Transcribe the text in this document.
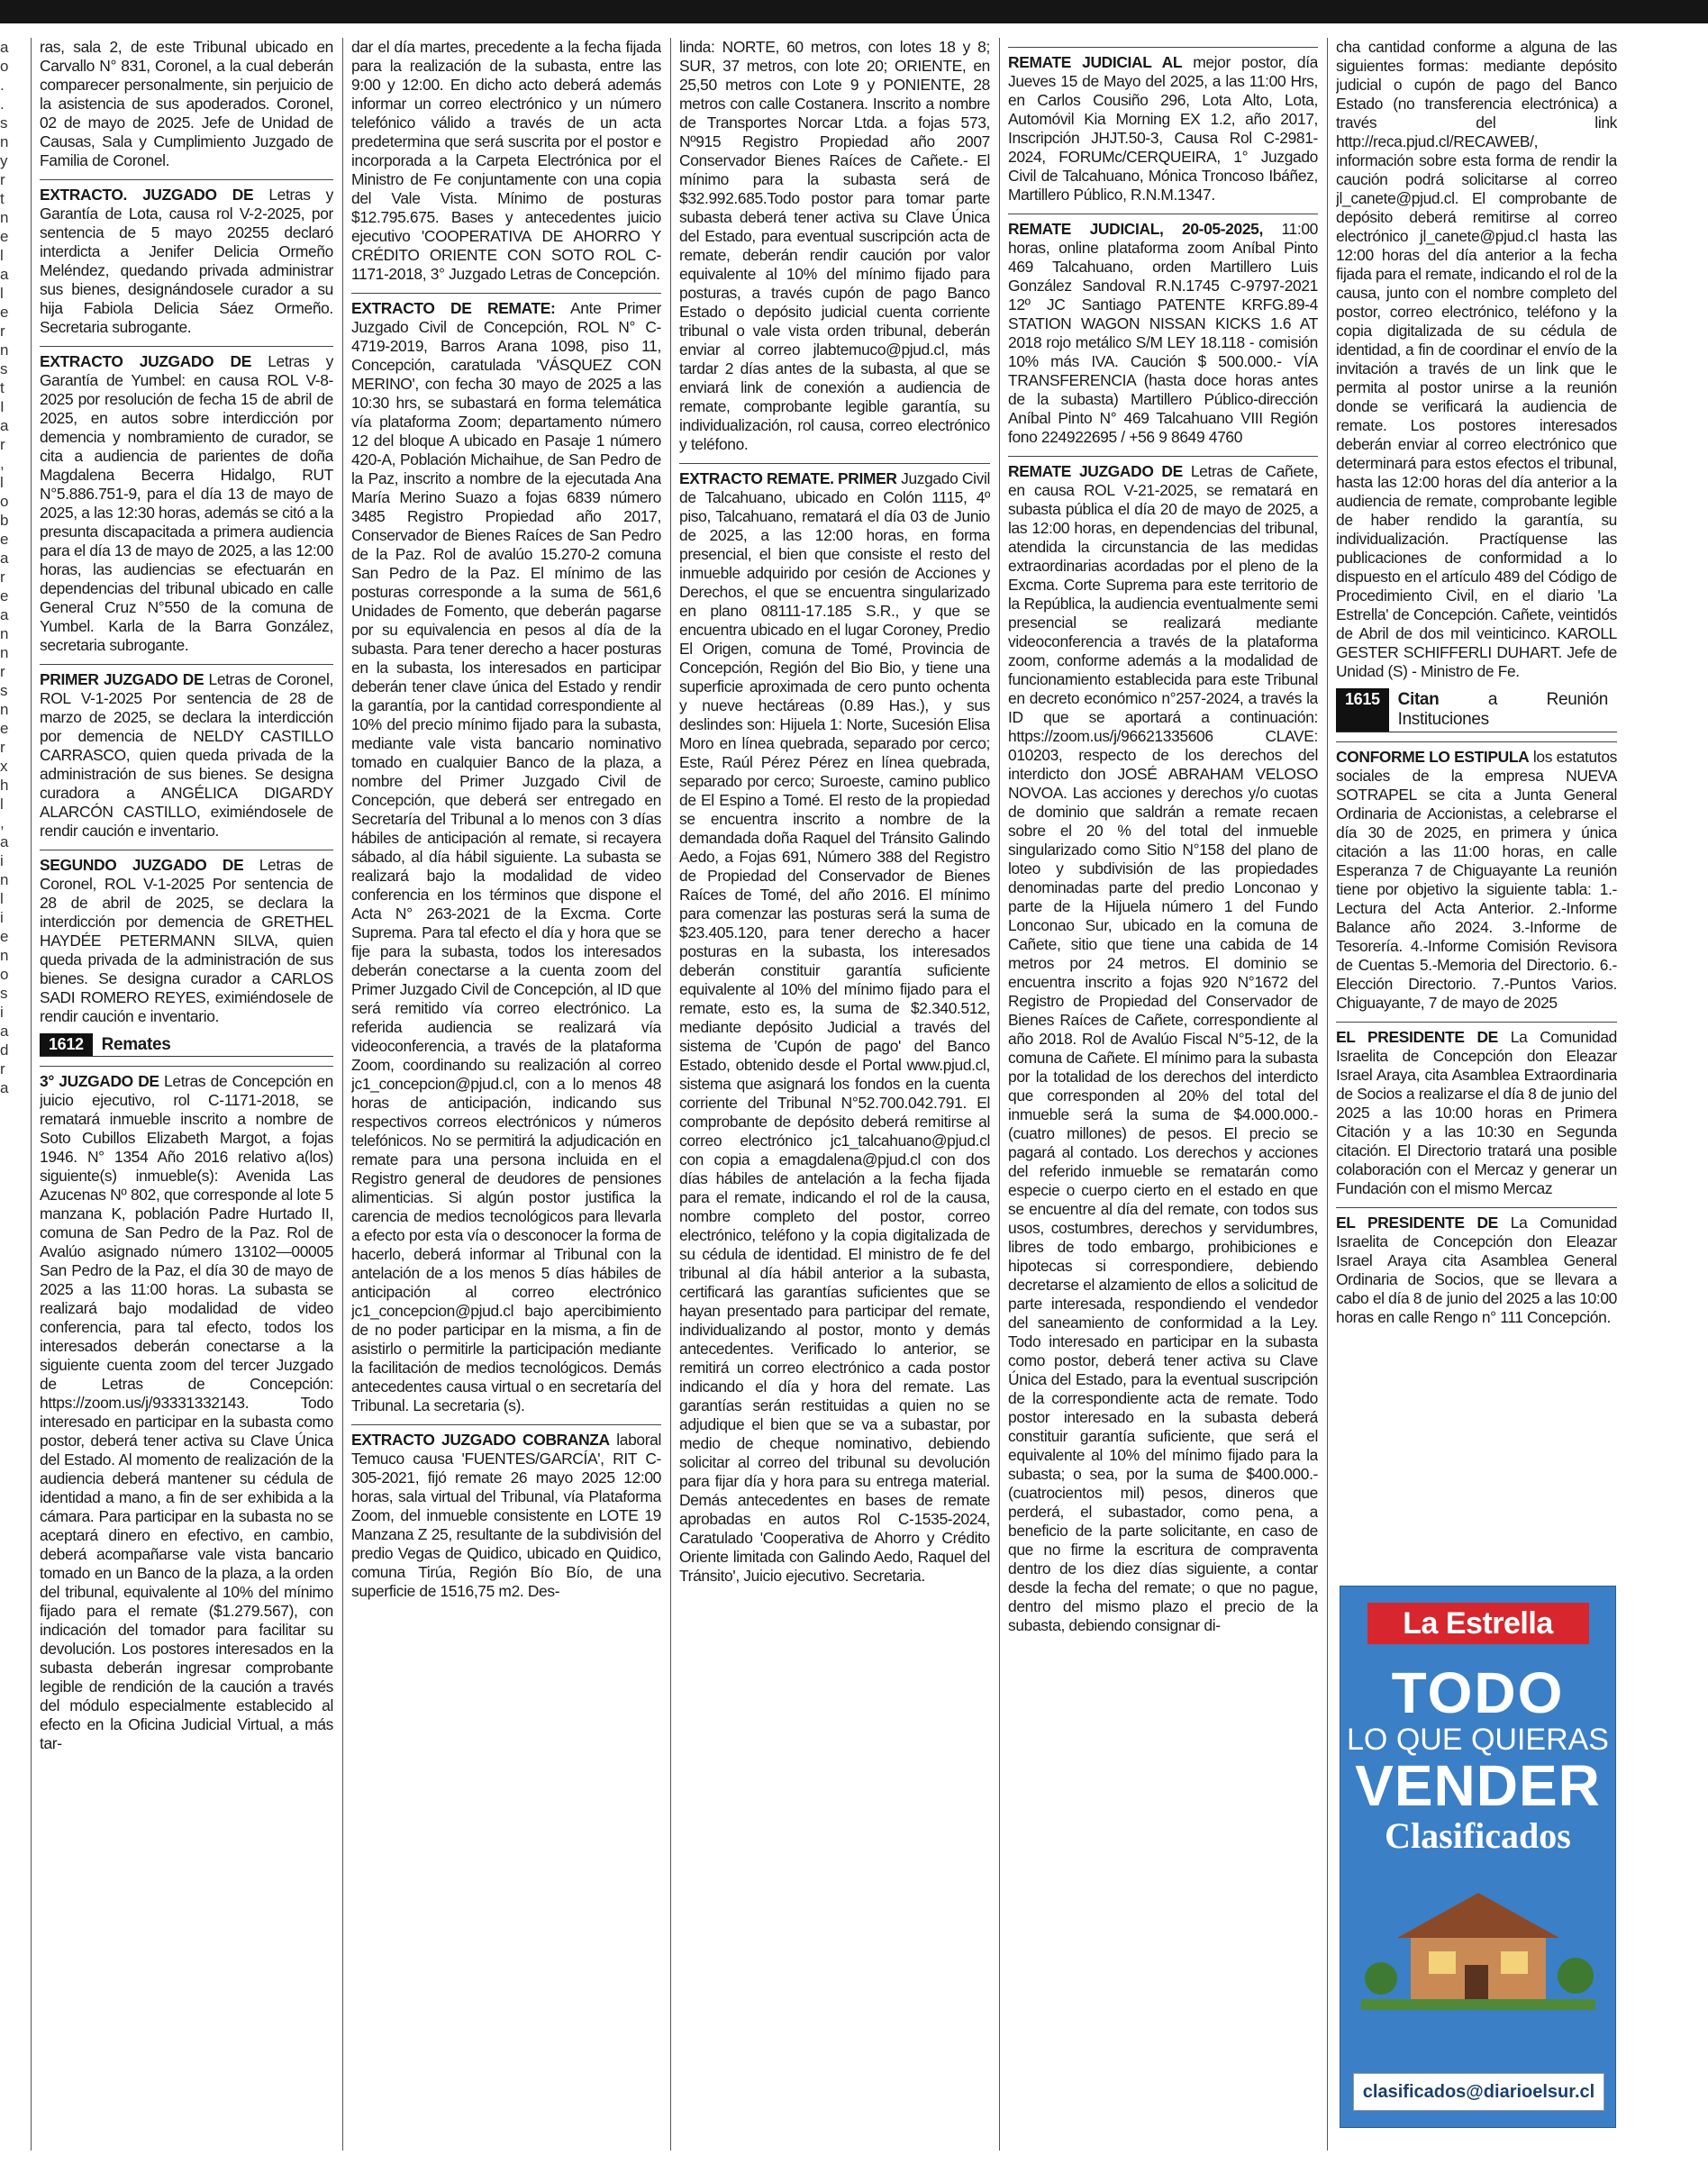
a
o
.
.
s
n
y
r
t
n
e
l
a
l
e
r
n
s
t
I
a
r
,
l
o
b
e
a
r
e
a
n
n
r
s
n
e
r
x
h
l
,
a
i
n
l
i
e
n
o
s
i
a
d
r
a

ras, sala 2, de este Tribunal ubicado en Carvallo N° 831, Coronel, a la cual deberán comparecer personalmente, sin perjuicio de la asistencia de sus apoderados. Coronel, 02 de mayo de 2025. Jefe de Unidad de Causas, Sala y Cumplimiento Juzgado de Familia de Coronel.

EXTRACTO. JUZGADO DE Letras y Garantía de Lota, causa rol V-2-2025, por sentencia de 5 mayo 20255 declaró interdicta a Jenifer Delicia Ormeño Meléndez, quedando privada administrar sus bienes, designándosele curador a su hija Fabiola Delicia Sáez Ormeño. Secretaria subrogante.

EXTRACTO JUZGADO DE Letras y Garantía de Yumbel: en causa ROL V-8-2025 por resolución de fecha 15 de abril de 2025, en autos sobre interdicción por demencia y nombramiento de curador, se cita a audiencia de parientes de doña Magdalena Becerra Hidalgo, RUT N°5.886.751-9, para el día 13 de mayo de 2025, a las 12:30 horas, además se citó a la presunta discapacitada a primera audiencia para el día 13 de mayo de 2025, a las 12:00 horas, las audiencias se efectuarán en dependencias del tribunal ubicado en calle General Cruz N°550 de la comuna de Yumbel. Karla de la Barra González, secretaria subrogante.

PRIMER JUZGADO DE Letras de Coronel, ROL V-1-2025 Por sentencia de 28 de marzo de 2025, se declara la interdicción por demencia de NELDY CASTILLO CARRASCO, quien queda privada de la administración de sus bienes. Se designa curadora a ANGÉLICA DIGARDY ALARCÓN CASTILLO, eximiéndosele de rendir caución e inventario.

SEGUNDO JUZGADO DE Letras de Coronel, ROL V-1-2025 Por sentencia de 28 de abril de 2025, se declara la interdicción por demencia de GRETHEL HAYDÉE PETERMANN SILVA, quien queda privada de la administración de sus bienes. Se designa curador a CARLOS SADI ROMERO REYES, eximiéndosele de rendir caución e inventario.

1612	Remates

3° JUZGADO DE Letras de Concepción en juicio ejecutivo, rol C-1171-2018, se rematará inmueble inscrito a nombre de Soto Cubillos Elizabeth Margot, a fojas 1946. N° 1354 Año 2016 relativo a(los) siguiente(s) inmueble(s): Avenida Las Azucenas Nº 802, que corresponde al lote 5 manzana K, población Padre Hurtado II, comuna de San Pedro de la Paz. Rol de Avalúo asignado número 13102—00005 San Pedro de la Paz, el día 30 de mayo de 2025 a las 11:00 horas. La subasta se realizará bajo modalidad de video conferencia, para tal efecto, todos los interesados deberán conectarse a la siguiente cuenta zoom del tercer Juzgado de Letras de Concepción: https://zoom.us/j/93331332143. Todo interesado en participar en la subasta como postor, deberá tener activa su Clave Única del Estado. Al momento de realización de la audiencia deberá mantener su cédula de identidad a mano, a fin de ser exhibida a la cámara. Para participar en la subasta no se aceptará dinero en efectivo, en cambio, deberá acompañarse vale vista bancario tomado en un Banco de la plaza, a la orden del tribunal, equivalente al 10% del mínimo fijado para el remate ($1.279.567), con indicación del tomador para facilitar su devolución. Los postores interesados en la subasta deberán ingresar comprobante legible de rendición de la caución a través del módulo especialmente establecido al efecto en la Oficina Judicial Virtual, a más tar-

dar el día martes, precedente a la fecha fijada para la realización de la subasta, entre las 9:00 y 12:00. En dicho acto deberá además informar un correo electrónico y un número telefónico válido a través de un acta predetermina que será suscrita por el postor e incorporada a la Carpeta Electrónica por el Ministro de Fe conjuntamente con una copia del Vale Vista. Mínimo de posturas $12.795.675. Bases y antecedentes juicio ejecutivo 'COOPERATIVA DE AHORRO Y CRÉDITO ORIENTE CON SOTO ROL C-1171-2018, 3° Juzgado Letras de Concepción.

EXTRACTO DE REMATE: Ante Primer Juzgado Civil de Concepción, ROL N° C-4719-2019, Barros Arana 1098, piso 11, Concepción, caratulada 'VÁSQUEZ CON MERINO', con fecha 30 mayo de 2025 a las 10:30 hrs, se subastará en forma telemática vía plataforma Zoom; departamento número 12 del bloque A ubicado en Pasaje 1 número 420-A, Población Michaihue, de San Pedro de la Paz, inscrito a nombre de la ejecutada Ana María Merino Suazo a fojas 6839 número 3485 Registro Propiedad año 2017, Conservador de Bienes Raíces de San Pedro de la Paz. Rol de avalúo 15.270-2 comuna San Pedro de la Paz. El mínimo de las posturas corresponde a la suma de 561,6 Unidades de Fomento, que deberán pagarse por su equivalencia en pesos al día de la subasta. Para tener derecho a hacer posturas en la subasta, los interesados en participar deberán tener clave única del Estado y rendir la garantía, por la cantidad correspondiente al 10% del precio mínimo fijado para la subasta, mediante vale vista bancario nominativo tomado en cualquier Banco de la plaza, a nombre del Primer Juzgado Civil de Concepción, que deberá ser entregado en Secretaría del Tribunal a lo menos con 3 días hábiles de anticipación al remate, si recayera sábado, al día hábil siguiente. La subasta se realizará bajo la modalidad de video conferencia en los términos que dispone el Acta N° 263-2021 de la Excma. Corte Suprema. Para tal efecto el día y hora que se fije para la subasta, todos los interesados deberán conectarse a la cuenta zoom del Primer Juzgado Civil de Concepción, al ID que será remitido vía correo electrónico. La referida audiencia se realizará vía videoconferencia, a través de la plataforma Zoom, coordinando su realización al correo jc1_concepcion@pjud.cl, con a lo menos 48 horas de anticipación, indicando sus respectivos correos electrónicos y números telefónicos. No se permitirá la adjudicación en remate para una persona incluida en el Registro general de deudores de pensiones alimenticias. Si algún postor justifica la carencia de medios tecnológicos para llevarla a efecto por esta vía o desconocer la forma de hacerlo, deberá informar al Tribunal con la antelación de a los menos 5 días hábiles de anticipación al correo electrónico jc1_concepcion@pjud.cl bajo apercibimiento de no poder participar en la misma, a fin de asistirlo o permitirle la participación mediante la facilitación de medios tecnológicos. Demás antecedentes causa virtual o en secretaría del Tribunal. La secretaria (s).

EXTRACTO JUZGADO COBRANZA laboral Temuco causa 'FUENTES/GARCÍA', RIT C-305-2021, fijó remate 26 mayo 2025 12:00 horas, sala virtual del Tribunal, vía Plataforma Zoom, del inmueble consistente en LOTE 19 Manzana Z 25, resultante de la subdivisión del predio Vegas de Quidico, ubicado en Quidico, comuna Tirúa, Región Bío Bío, de una superficie de 1516,75 m2. Des-

linda: NORTE, 60 metros, con lotes 18 y 8; SUR, 37 metros, con lote 20; ORIENTE, en 25,50 metros con Lote 9 y PONIENTE, 28 metros con calle Costanera. Inscrito a nombre de Transportes Norcar Ltda. a fojas 573, Nº915 Registro Propiedad año 2007 Conservador Bienes Raíces de Cañete.- El mínimo para la subasta será de $32.992.685.Todo postor para tomar parte subasta deberá tener activa su Clave Única del Estado, para eventual suscripción acta de remate, deberán rendir caución por valor equivalente al 10% del mínimo fijado para posturas, a través cupón de pago Banco Estado o depósito judicial cuenta corriente tribunal o vale vista orden tribunal, deberán enviar al correo jlabtemuco@pjud.cl, más tardar 2 días antes de la subasta, al que se enviará link de conexión a audiencia de remate, comprobante legible garantía, su individualización, rol causa, correo electrónico y teléfono.

EXTRACTO REMATE. PRIMER Juzgado Civil de Talcahuano, ubicado en Colón 1115, 4º piso, Talcahuano, rematará el día 03 de Junio de 2025, a las 12:00 horas, en forma presencial, el bien que consiste el resto del inmueble adquirido por cesión de Acciones y Derechos, el que se encuentra singularizado en plano 08111-17.185 S.R., y que se encuentra ubicado en el lugar Coroney, Predio El Origen, comuna de Tomé, Provincia de Concepción, Región del Bio Bio, y tiene una superficie aproximada de cero punto ochenta y nueve hectáreas (0.89 Has.), y sus deslindes son: Hijuela 1: Norte, Sucesión Elisa Moro en línea quebrada, separado por cerco; Este, Raúl Pérez Pérez en línea quebrada, separado por cerco; Suroeste, camino publico de El Espino a Tomé. El resto de la propiedad se encuentra inscrito a nombre de la demandada doña Raquel del Tránsito Galindo Aedo, a Fojas 691, Número 388 del Registro de Propiedad del Conservador de Bienes Raíces de Tomé, del año 2016. El mínimo para comenzar las posturas será la suma de $23.405.120, para tener derecho a hacer posturas en la subasta, los interesados deberán constituir garantía suficiente equivalente al 10% del mínimo fijado para el remate, esto es, la suma de $2.340.512, mediante depósito Judicial a través del sistema de 'Cupón de pago' del Banco Estado, obtenido desde el Portal www.pjud.cl, sistema que asignará los fondos en la cuenta corriente del Tribunal N°52.700.042.791. El comprobante de depósito deberá remitirse al correo electrónico jc1_talcahuano@pjud.cl con copia a emagdalena@pjud.cl con dos días hábiles de antelación a la fecha fijada para el remate, indicando el rol de la causa, nombre completo del postor, correo electrónico, teléfono y la copia digitalizada de su cédula de identidad. El ministro de fe del tribunal al día hábil anterior a la subasta, certificará las garantías suficientes que se hayan presentado para participar del remate, individualizando al postor, monto y demás antecedentes. Verificado lo anterior, se remitirá un correo electrónico a cada postor indicando el día y hora del remate. Las garantías serán restituidas a quien no se adjudique el bien que se va a subastar, por medio de cheque nominativo, debiendo solicitar al correo del tribunal su devolución para fijar día y hora para su entrega material. Demás antecedentes en bases de remate aprobadas en autos Rol C-1535-2024, Caratulado 'Cooperativa de Ahorro y Crédito Oriente limitada con Galindo Aedo, Raquel del Tránsito', Juicio ejecutivo. Secretaria.

REMATE JUDICIAL AL mejor postor, día Jueves 15 de Mayo del 2025, a las 11:00 Hrs, en Carlos Cousiño 296, Lota Alto, Lota, Automóvil Kia Morning EX 1.2, año 2017, Inscripción JHJT.50-3, Causa Rol C-2981-2024, FORUMc/CERQUEIRA, 1° Juzgado Civil de Talcahuano, Mónica Troncoso Ibáñez, Martillero Público, R.N.M.1347.

REMATE JUDICIAL, 20-05-2025, 11:00 horas, online plataforma zoom Aníbal Pinto 469 Talcahuano, orden Martillero Luis González Sandoval R.N.1745 C-9797-2021 12º JC Santiago PATENTE KRFG.89-4 STATION WAGON NISSAN KICKS 1.6 AT 2018 rojo metálico S/M LEY 18.118 - comisión 10% más IVA. Caución $ 500.000.- VÍA TRANSFERENCIA (hasta doce horas antes de la subasta) Martillero Público-dirección Aníbal Pinto N° 469 Talcahuano VIII Región fono 224922695 / +56 9 8649 4760

REMATE JUZGADO DE Letras de Cañete, en causa ROL V-21-2025, se rematará en subasta pública el día 20 de mayo de 2025, a las 12:00 horas, en dependencias del tribunal, atendida la circunstancia de las medidas extraordinarias acordadas por el pleno de la Excma. Corte Suprema para este territorio de la República, la audiencia eventualmente semi presencial se realizará mediante videoconferencia a través de la plataforma zoom, conforme además a la modalidad de funcionamiento establecida para este Tribunal en decreto económico n°257-2024, a través la ID que se aportará a continuación: https://zoom.us/j/96621335606 CLAVE: 010203, respecto de los derechos del interdicto don JOSÉ ABRAHAM VELOSO NOVOA. Las acciones y derechos y/o cuotas de dominio que saldrán a remate recaen sobre el 20 % del total del inmueble singularizado como Sitio N°158 del plano de loteo y subdivisión de las propiedades denominadas parte del predio Lonconao y parte de la Hijuela número 1 del Fundo Lonconao Sur, ubicado en la comuna de Cañete, sitio que tiene una cabida de 14 metros por 24 metros. El dominio se encuentra inscrito a fojas 920 N°1672 del Registro de Propiedad del Conservador de Bienes Raíces de Cañete, correspondiente al año 2018. Rol de Avalúo Fiscal N°5-12, de la comuna de Cañete. El mínimo para la subasta por la totalidad de los derechos del interdicto que corresponden al 20% del total del inmueble será la suma de $4.000.000.- (cuatro millones) de pesos. El precio se pagará al contado. Los derechos y acciones del referido inmueble se rematarán como especie o cuerpo cierto en el estado en que se encuentre al día del remate, con todos sus usos, costumbres, derechos y servidumbres, libres de todo embargo, prohibiciones e hipotecas si correspondiere, debiendo decretarse el alzamiento de ellos a solicitud de parte interesada, respondiendo el vendedor del saneamiento de conformidad a la Ley. Todo interesado en participar en la subasta como postor, deberá tener activa su Clave Única del Estado, para la eventual suscripción de la correspondiente acta de remate. Todo postor interesado en la subasta deberá constituir garantía suficiente, que será el equivalente al 10% del mínimo fijado para la subasta; o sea, por la suma de $400.000.- (cuatrocientos mil) pesos, dineros que perderá, el subastador, como pena, a beneficio de la parte solicitante, en caso de que no firme la escritura de compraventa dentro de los diez días siguiente, a contar desde la fecha del remate; o que no pague, dentro del mismo plazo el precio de la subasta, debiendo consignar di-

cha cantidad conforme a alguna de las siguientes formas: mediante depósito judicial o cupón de pago del Banco Estado (no transferencia electrónica) a través del link http://reca.pjud.cl/RECAWEB/, información sobre esta forma de rendir la caución podrá solicitarse al correo jl_canete@pjud.cl. El comprobante de depósito deberá remitirse al correo electrónico jl_canete@pjud.cl hasta las 12:00 horas del día anterior a la fecha fijada para el remate, indicando el rol de la causa, junto con el nombre completo del postor, correo electrónico, teléfono y la copia digitalizada de su cédula de identidad, a fin de coordinar el envío de la invitación a través de un link que le permita al postor unirse a la reunión donde se verificará la audiencia de remate. Los postores interesados deberán enviar al correo electrónico que determinará para estos efectos el tribunal, hasta las 12:00 horas del día anterior a la audiencia de remate, comprobante legible de haber rendido la garantía, su individualización. Practíquense las publicaciones de conformidad a lo dispuesto en el artículo 489 del Código de Procedimiento Civil, en el diario 'La Estrella' de Concepción. Cañete, veintidós de Abril de dos mil veinticinco. KAROLL GESTER SCHIFFERLI DUHART. Jefe de Unidad (S) - Ministro de Fe.

1615	Citan a Reunión Instituciones

CONFORME LO ESTIPULA los estatutos sociales de la empresa NUEVA SOTRAPEL se cita a Junta General Ordinaria de Accionistas, a celebrarse el día 30 de 2025, en primera y única citación a las 11:00 horas, en calle Esperanza 7 de Chiguayante La reunión tiene por objetivo la siguiente tabla: 1.-Lectura del Acta Anterior. 2.-Informe Balance año 2024. 3.-Informe de Tesorería. 4.-Informe Comisión Revisora de Cuentas 5.-Memoria del Directorio. 6.-Elección Directorio. 7.-Puntos Varios. Chiguayante, 7 de mayo de 2025

EL PRESIDENTE DE La Comunidad Israelita de Concepción don Eleazar Israel Araya, cita Asamblea Extraordinaria de Socios a realizarse el día 8 de junio del 2025 a las 10:00 horas en Primera Citación y a las 10:30 en Segunda citación. El Directorio tratará una posible colaboración con el Mercaz y generar un Fundación con el mismo Mercaz

EL PRESIDENTE DE La Comunidad Israelita de Concepción don Eleazar Israel Araya cita Asamblea General Ordinaria de Socios, que se llevara a cabo el día 8 de junio del 2025 a las 10:00 horas en calle Rengo n° 111 Concepción.

La Estrella
TODO
LO QUE QUIERAS
VENDER
Clasificados
clasificados@diarioelsur.cl
